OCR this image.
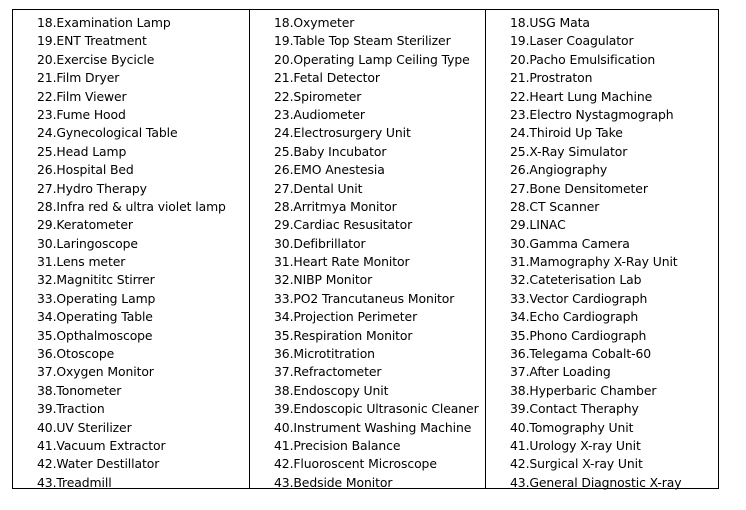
18.Examination Lamp
19.ENT Treatment
20.Exercise Bycicle
21.Film Dryer
22.Film Viewer
23.Fume Hood
24.Gynecological Table
25.Head Lamp
26.Hospital Bed
27.Hydro Therapy
28.Infra red & ultra violet lamp
29.Keratometer
30.Laringoscope
31.Lens meter
32.Magnititc Stirrer
33.Operating Lamp
34.Operating Table
35.Opthalmoscope
36.Otoscope
37.Oxygen Monitor
38.Tonometer
39.Traction
40.UV Sterilizer
41.Vacuum Extractor
42.Water Destillator
43.Treadmill
18.Oxymeter
19.Table Top Steam Sterilizer
20.Operating Lamp Ceiling Type
21.Fetal Detector
22.Spirometer
23.Audiometer
24.Electrosurgery Unit
25.Baby Incubator
26.EMO Anestesia
27.Dental Unit
28.Arritmya Monitor
29.Cardiac Resusitator
30.Defibrillator
31.Heart Rate Monitor
32.NIBP Monitor
33.PO2 Trancutaneus Monitor
34.Projection Perimeter
35.Respiration Monitor
36.Microtitration
37.Refractometer
38.Endoscopy Unit
39.Endoscopic Ultrasonic Cleaner
40.Instrument Washing Machine
41.Precision Balance
42.Fluoroscent Microscope
43.Bedside Monitor
18.USG Mata
19.Laser Coagulator
20.Pacho Emulsification
21.Prostraton
22.Heart Lung Machine
23.Electro Nystagmograph
24.Thiroid Up Take
25.X-Ray Simulator
26.Angiography
27.Bone Densitometer
28.CT Scanner
29.LINAC
30.Gamma Camera
31.Mamography X-Ray Unit
32.Cateterisation Lab
33.Vector Cardiograph
34.Echo Cardiograph
35.Phono Cardiograph
36.Telegama Cobalt-60
37.After Loading
38.Hyperbaric Chamber
39.Contact Theraphy
40.Tomography Unit
41.Urology X-ray Unit
42.Surgical X-ray Unit
43.General Diagnostic X-ray
